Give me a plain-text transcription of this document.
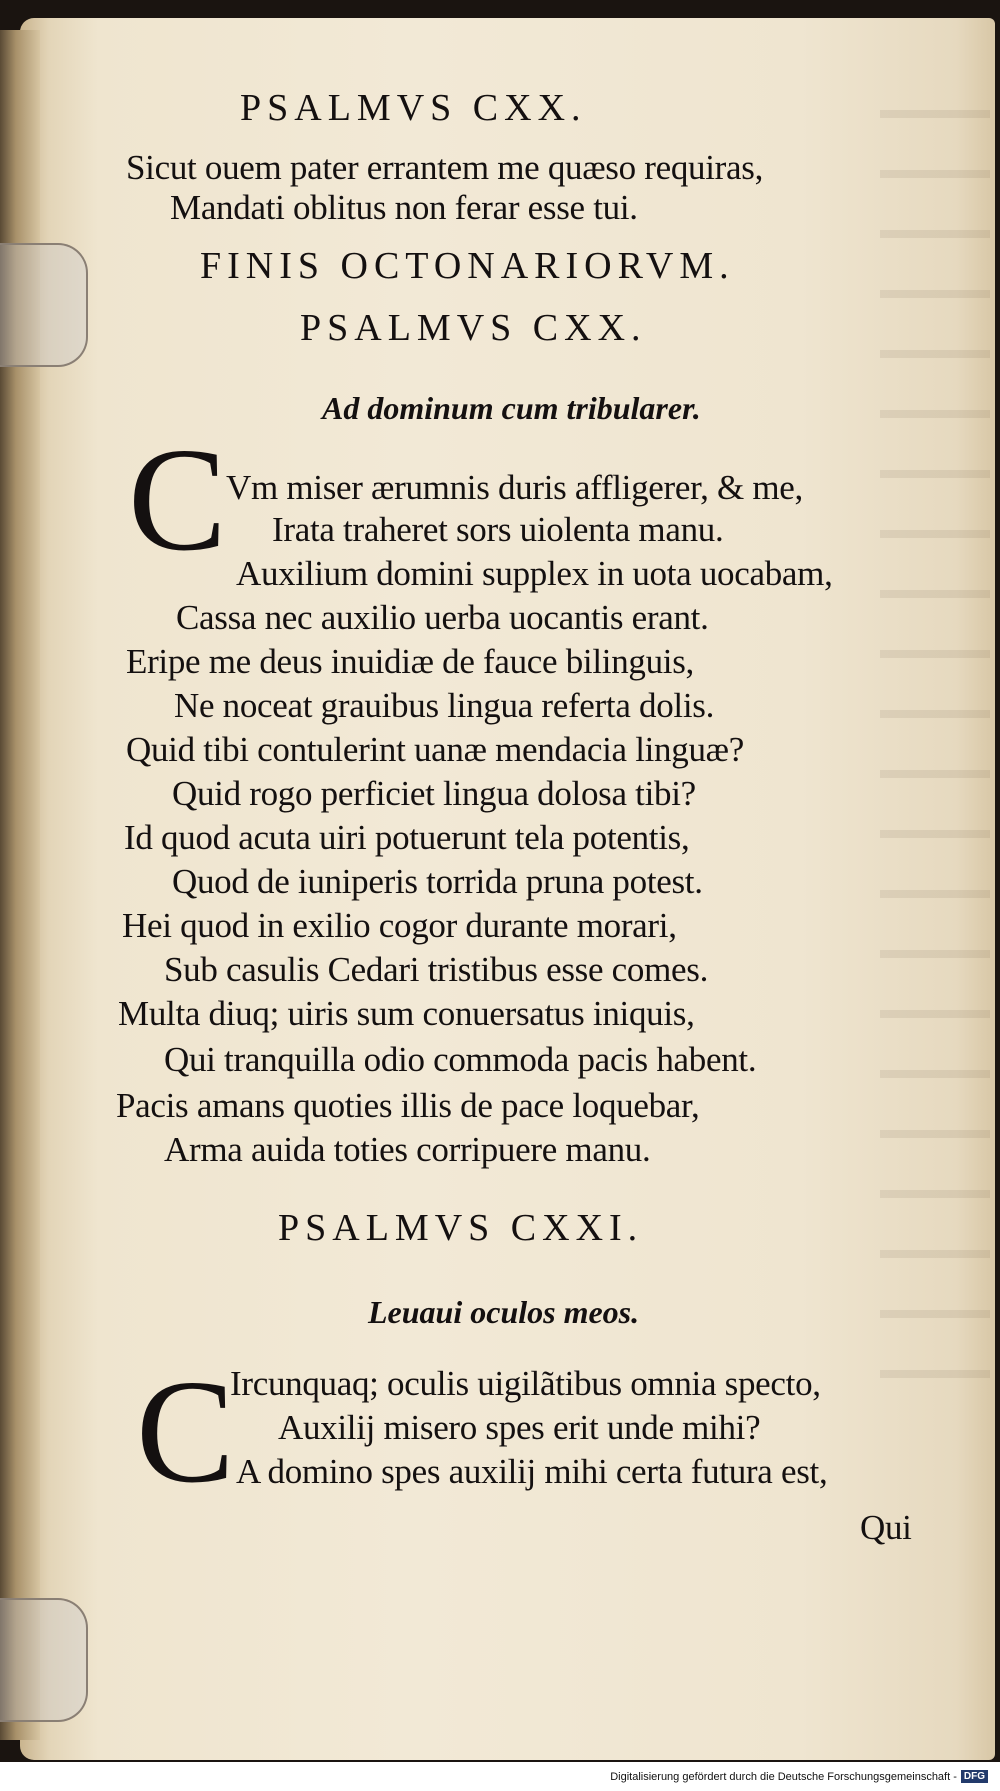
PSALMVS CXX.
Sicut ouem pater errantem me quæso requiras,
Mandati oblitus non ferar esse tui.
FINIS OCTONARIORVM.
PSALMVS CXX.
Ad dominum cum tribularer.
C Vm miser ærumnis duris affligerer, & me,
Irata traheret sors uiolenta manu.
Auxilium domini supplex in uota uocabam,
Cassa nec auxilio uerba uocantis erant.
Eripe me deus inuidiæ de fauce bilinguis,
Ne noceat grauibus lingua referta dolis.
Quid tibi contulerint uanæ mendacia linguæ?
Quid rogo perficiet lingua dolosa tibi?
Id quod acuta uiri potuerunt tela potentis,
Quod de iuniperis torrida pruna potest.
Hei quod in exilio cogor durante morari,
Sub casulis Cedari tristibus esse comes.
Multa diuq; uiris sum conuersatus iniquis,
Qui tranquilla odio commoda pacis habent.
Pacis amans quoties illis de pace loquebar,
Arma auida toties corripuere manu.
PSALMVS CXXI.
Leuaui oculos meos.
C
Ircunquaq; oculis uigilãtibus omnia specto,
Auxilij misero spes erit unde mihi?
A domino spes auxilij mihi certa futura est,
Qui
Digitalisierung gefördert durch die Deutsche Forschungsgemeinschaft - DFG
